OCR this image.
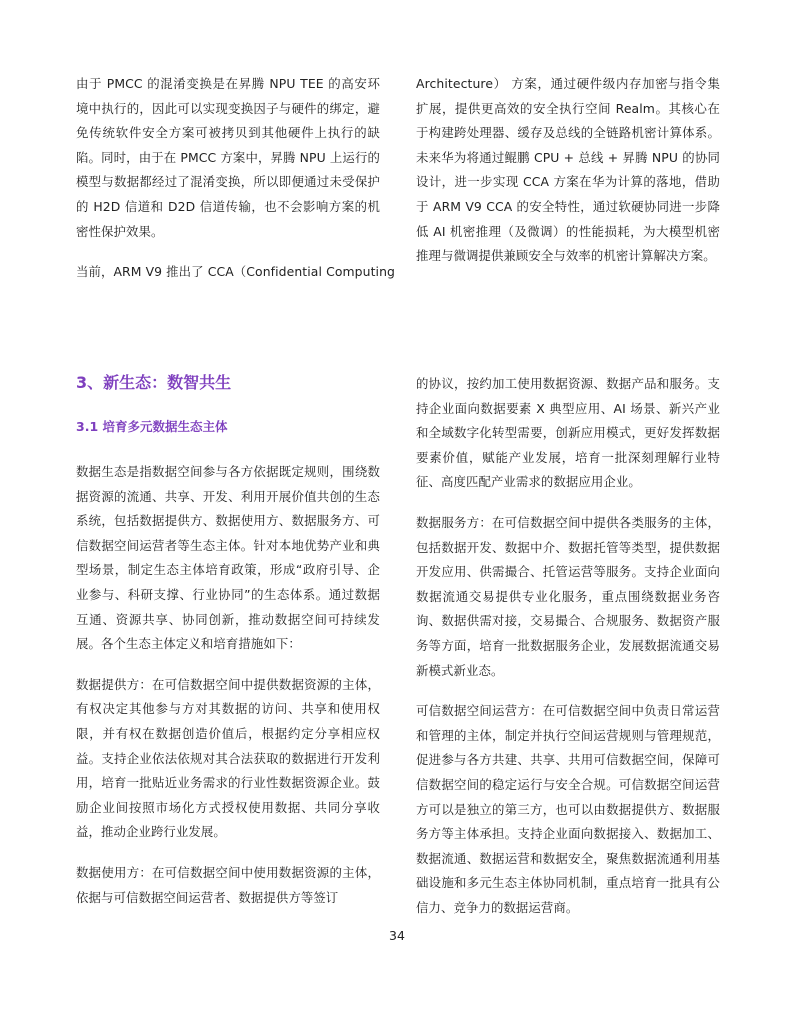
由于 PMCC 的混淆变换是在昇腾 NPU TEE 的高安环境中执行的，因此可以实现变换因子与硬件的绑定，避免传统软件安全方案可被拷贝到其他硬件上执行的缺陷。同时，由于在 PMCC 方案中，昇腾 NPU 上运行的模型与数据都经过了混淆变换，所以即便通过未受保护的 H2D 信道和 D2D 信道传输，也不会影响方案的机密性保护效果。

当前，ARM V9 推出了 CCA（Confidential Computing

Architecture） 方案，通过硬件级内存加密与指令集扩展，提供更高效的安全执行空间 Realm。其核心在于构建跨处理器、缓存及总线的全链路机密计算体系。未来华为将通过鲲鹏 CPU + 总线 + 昇腾 NPU 的协同设计，进一步实现 CCA 方案在华为计算的落地，借助于 ARM V9 CCA 的安全特性，通过软硬协同进一步降低 AI 机密推理（及微调）的性能损耗，为大模型机密推理与微调提供兼顾安全与效率的机密计算解决方案。

3、新生态：数智共生
3.1 培育多元数据生态主体

数据生态是指数据空间参与各方依据既定规则，围绕数据资源的流通、共享、开发、利用开展价值共创的生态系统，包括数据提供方、数据使用方、数据服务方、可信数据空间运营者等生态主体。针对本地优势产业和典型场景，制定生态主体培育政策，形成“政府引导、企业参与、科研支撑、行业协同”的生态体系。通过数据互通、资源共享、协同创新，推动数据空间可持续发展。各个生态主体定义和培育措施如下：

数据提供方：在可信数据空间中提供数据资源的主体，有权决定其他参与方对其数据的访问、共享和使用权限，并有权在数据创造价值后，根据约定分享相应权益。支持企业依法依规对其合法获取的数据进行开发利用，培育一批贴近业务需求的行业性数据资源企业。鼓励企业间按照市场化方式授权使用数据、共同分享收益，推动企业跨行业发展。

数据使用方：在可信数据空间中使用数据资源的主体，依据与可信数据空间运营者、数据提供方等签订

的协议，按约加工使用数据资源、数据产品和服务。支持企业面向数据要素 X 典型应用、AI 场景、新兴产业和全域数字化转型需要，创新应用模式，更好发挥数据要素价值，赋能产业发展，培育一批深刻理解行业特征、高度匹配产业需求的数据应用企业。

数据服务方：在可信数据空间中提供各类服务的主体，包括数据开发、数据中介、数据托管等类型，提供数据开发应用、供需撮合、托管运营等服务。支持企业面向数据流通交易提供专业化服务，重点围绕数据业务咨询、数据供需对接，交易撮合、合规服务、数据资产服务等方面，培育一批数据服务企业，发展数据流通交易新模式新业态。

可信数据空间运营方：在可信数据空间中负责日常运营和管理的主体，制定并执行空间运营规则与管理规范，促进参与各方共建、共享、共用可信数据空间，保障可信数据空间的稳定运行与安全合规。可信数据空间运营方可以是独立的第三方，也可以由数据提供方、数据服务方等主体承担。支持企业面向数据接入、数据加工、数据流通、数据运营和数据安全，聚焦数据流通利用基础设施和多元生态主体协同机制，重点培育一批具有公信力、竞争力的数据运营商。

34
